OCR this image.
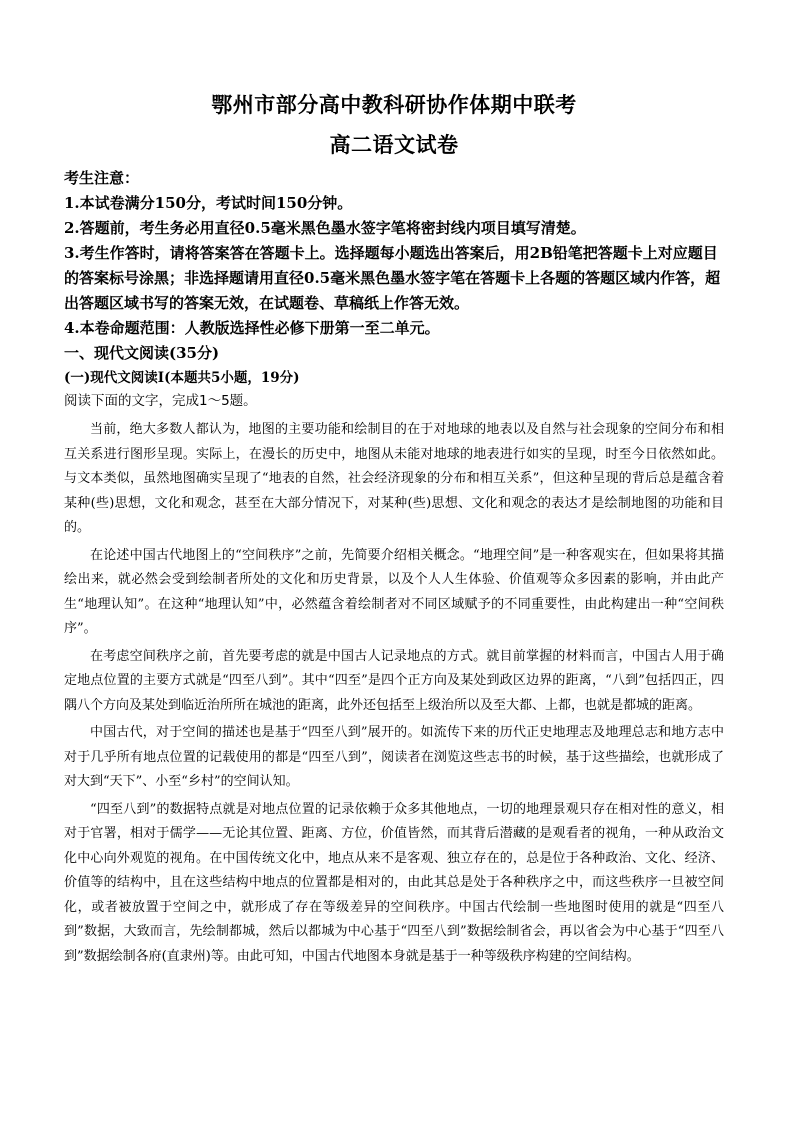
鄂州市部分高中教科研协作体期中联考
高二语文试卷

考生注意：

1.本试卷满分150分，考试时间150分钟。

2.答题前，考生务必用直径0.5毫米黑色墨水签字笔将密封线内项目填写清楚。

3.考生作答时，请将答案答在答题卡上。选择题每小题选出答案后，用2B铅笔把答题卡上对应题目的答案标号涂黑；非选择题请用直径0.5毫米黑色墨水签字笔在答题卡上各题的答题区域内作答，超出答题区域书写的答案无效，在试题卷、草稿纸上作答无效。

4.本卷命题范围：人教版选择性必修下册第一至二单元。

一、现代文阅读(35分)

(一)现代文阅读Ⅰ(本题共5小题，19分)

阅读下面的文字，完成1～5题。

当前，绝大多数人都认为，地图的主要功能和绘制目的在于对地球的地表以及自然与社会现象的空间分布和相互关系进行图形呈现。实际上，在漫长的历史中，地图从未能对地球的地表进行如实的呈现，时至今日依然如此。与文本类似，虽然地图确实呈现了“地表的自然，社会经济现象的分布和相互关系”，但这种呈现的背后总是蕴含着某种(些)思想，文化和观念，甚至在大部分情况下，对某种(些)思想、文化和观念的表达才是绘制地图的功能和目的。

在论述中国古代地图上的“空间秩序”之前，先简要介绍相关概念。“地理空间”是一种客观实在，但如果将其描绘出来，就必然会受到绘制者所处的文化和历史背景，以及个人人生体验、价值观等众多因素的影响，并由此产生“地理认知”。在这种“地理认知”中，必然蕴含着绘制者对不同区域赋予的不同重要性，由此构建出一种“空间秩序”。

在考虑空间秩序之前，首先要考虑的就是中国古人记录地点的方式。就目前掌握的材料而言，中国古人用于确定地点位置的主要方式就是“四至八到”。其中“四至”是四个正方向及某处到政区边界的距离，“八到”包括四正，四隅八个方向及某处到临近治所所在城池的距离，此外还包括至上级治所以及至大都、上都，也就是都城的距离。

中国古代，对于空间的描述也是基于“四至八到”展开的。如流传下来的历代正史地理志及地理总志和地方志中对于几乎所有地点位置的记载使用的都是“四至八到”，阅读者在浏览这些志书的时候，基于这些描绘，也就形成了对大到“天下”、小至“乡村”的空间认知。

“四至八到”的数据特点就是对地点位置的记录依赖于众多其他地点，一切的地理景观只存在相对性的意义，相对于官署，相对于儒学——无论其位置、距离、方位，价值皆然，而其背后潜藏的是观看者的视角，一种从政治文化中心向外观览的视角。在中国传统文化中，地点从来不是客观、独立存在的，总是位于各种政治、文化、经济、价值等的结构中，且在这些结构中地点的位置都是相对的，由此其总是处于各种秩序之中，而这些秩序一旦被空间化，或者被放置于空间之中，就形成了存在等级差异的空间秩序。中国古代绘制一些地图时使用的就是“四至八到”数据，大致而言，先绘制都城，然后以都城为中心基于“四至八到”数据绘制省会，再以省会为中心基于“四至八到”数据绘制各府(直隶州)等。由此可知，中国古代地图本身就是基于一种等级秩序构建的空间结构。
